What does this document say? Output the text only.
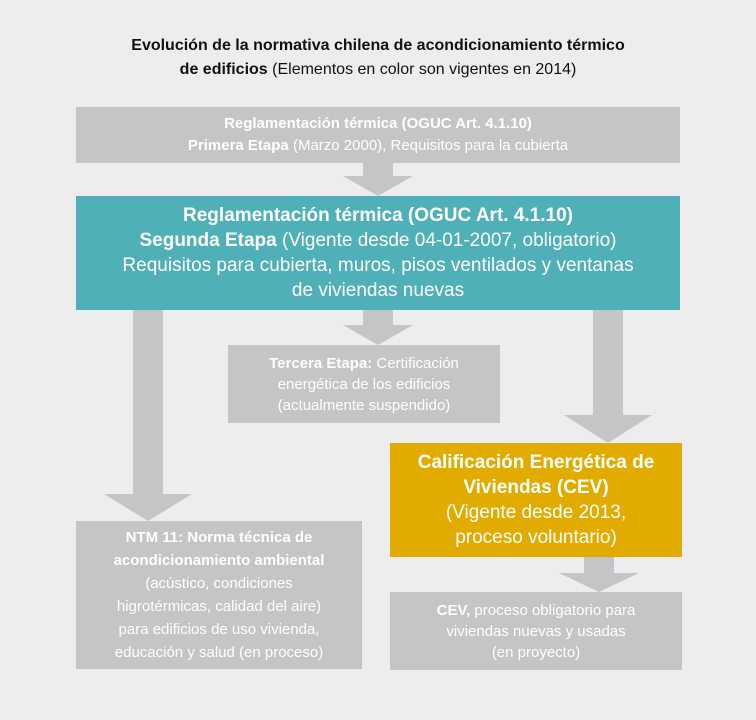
Evolución de la normativa chilena de acondicionamiento térmico
de edificios (Elementos en color son vigentes en 2014)
Reglamentación térmica (OGUC Art. 4.1.10)
Primera Etapa (Marzo 2000), Requisitos para la cubierta
Reglamentación térmica (OGUC Art. 4.1.10)
Segunda Etapa (Vigente desde 04-01-2007, obligatorio)
Requisitos para cubierta, muros, pisos ventilados y ventanas
de viviendas nuevas
Tercera Etapa: Certificación
energética de los edificios
(actualmente suspendido)
Calificación Energética de
Viviendas (CEV)
(Vigente desde 2013,
proceso voluntario)
NTM 11: Norma técnica de
acondicionamiento ambiental
(acústico, condiciones
higrotérmicas, calidad del aire)
para edificios de uso vivienda,
educación y salud (en proceso)
CEV, proceso obligatorio para
viviendas nuevas y usadas
(en proyecto)
